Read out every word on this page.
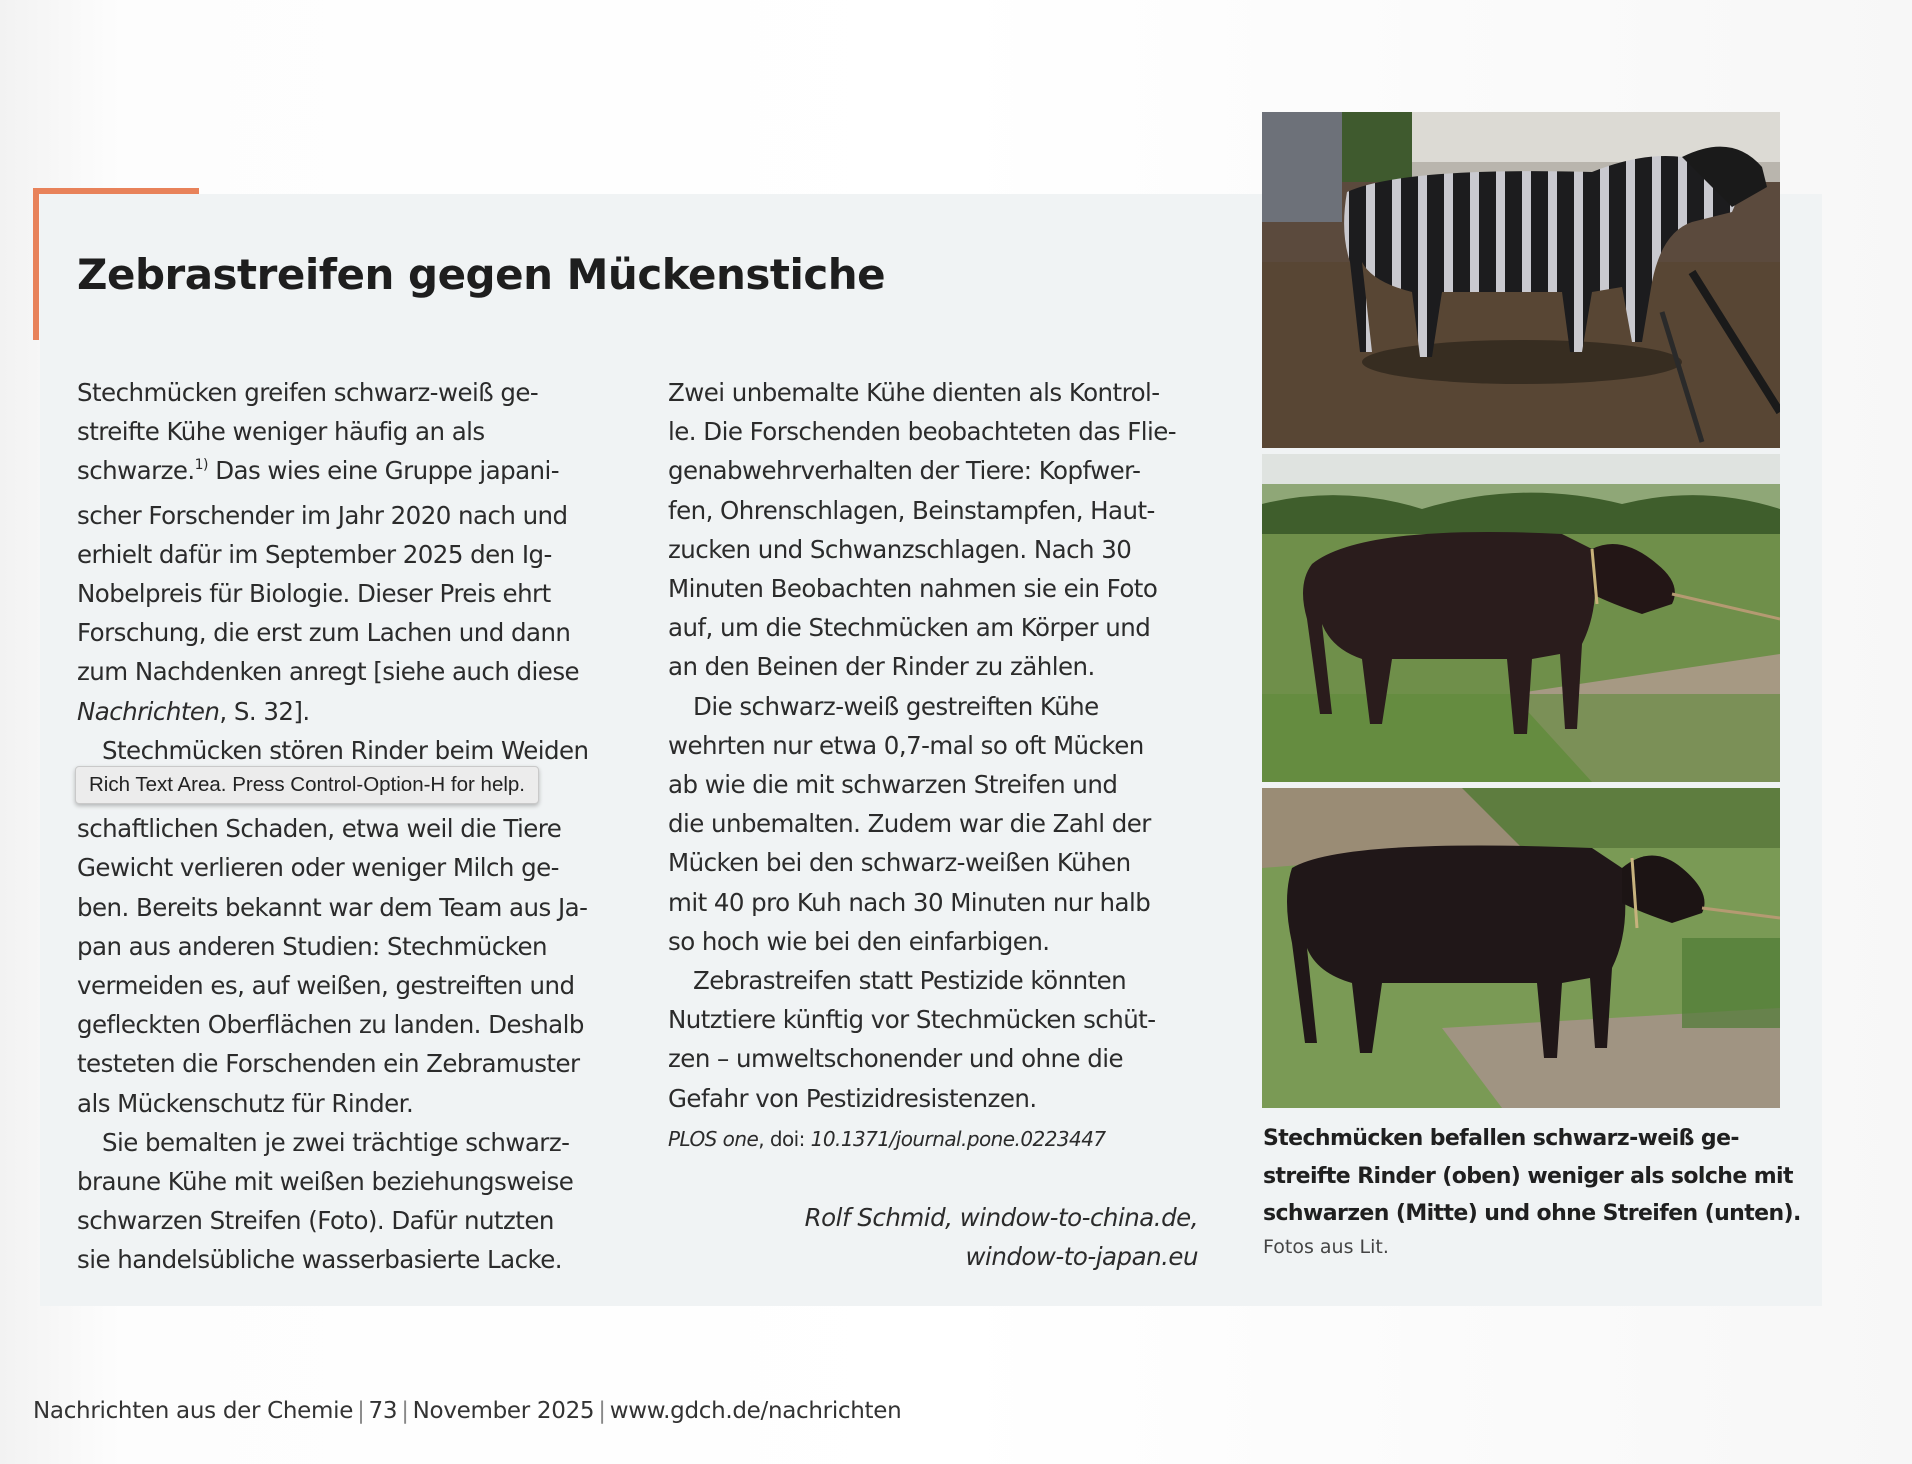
Zebrastreifen gegen Mückenstiche
Stechmücken greifen schwarz-weiß ge-
streifte Kühe weniger häufig an als
schwarze.$^{1)}$ Das wies eine Gruppe japani-
scher Forschender im Jahr 2020 nach und
erhielt dafür im September 2025 den Ig-
Nobelpreis für Biologie. Dieser Preis ehrt
Forschung, die erst zum Lachen und dann
zum Nachdenken anregt [siehe auch diese
Nachrichten, S. 32].
Stechmücken stören Rinder beim Weiden

schaftlichen Schaden, etwa weil die Tiere
Gewicht verlieren oder weniger Milch ge-
ben. Bereits bekannt war dem Team aus Ja-
pan aus anderen Studien: Stechmücken
vermeiden es, auf weißen, gestreiften und
gefleckten Oberflächen zu landen. Deshalb
testeten die Forschenden ein Zebramuster
als Mückenschutz für Rinder.
Sie bemalten je zwei trächtige schwarz-
braune Kühe mit weißen beziehungsweise
schwarzen Streifen (Foto). Dafür nutzten
sie handelsübliche wasserbasierte Lacke.
Zwei unbemalte Kühe dienten als Kontrol-
le. Die Forschenden beobachteten das Flie-
genabwehrverhalten der Tiere: Kopfwer-
fen, Ohrenschlagen, Beinstampfen, Haut-
zucken und Schwanzschlagen. Nach 30
Minuten Beobachten nahmen sie ein Foto
auf, um die Stechmücken am Körper und
an den Beinen der Rinder zu zählen.
Die schwarz-weiß gestreiften Kühe
wehrten nur etwa 0,7-mal so oft Mücken
ab wie die mit schwarzen Streifen und
die unbemalten. Zudem war die Zahl der
Mücken bei den schwarz-weißen Kühen
mit 40 pro Kuh nach 30 Minuten nur halb
so hoch wie bei den einfarbigen.
Zebrastreifen statt Pestizide könnten
Nutztiere künftig vor Stechmücken schüt-
zen – umweltschonender und ohne die
Gefahr von Pestizidresistenzen.
PLOS one, doi: 10.1371/journal.pone.0223447
Rolf Schmid, window-to-china.de,
window-to-japan.eu
Rich Text Area. Press Control-Option-H for help.
Stechmücken befallen schwarz-weiß ge-
streifte Rinder (oben) weniger als solche mit
schwarzen (Mitte) und ohne Streifen (unten).
Fotos aus Lit.
Nachrichten aus der Chemie | 73 | November 2025 | www.gdch.de/nachrichten
